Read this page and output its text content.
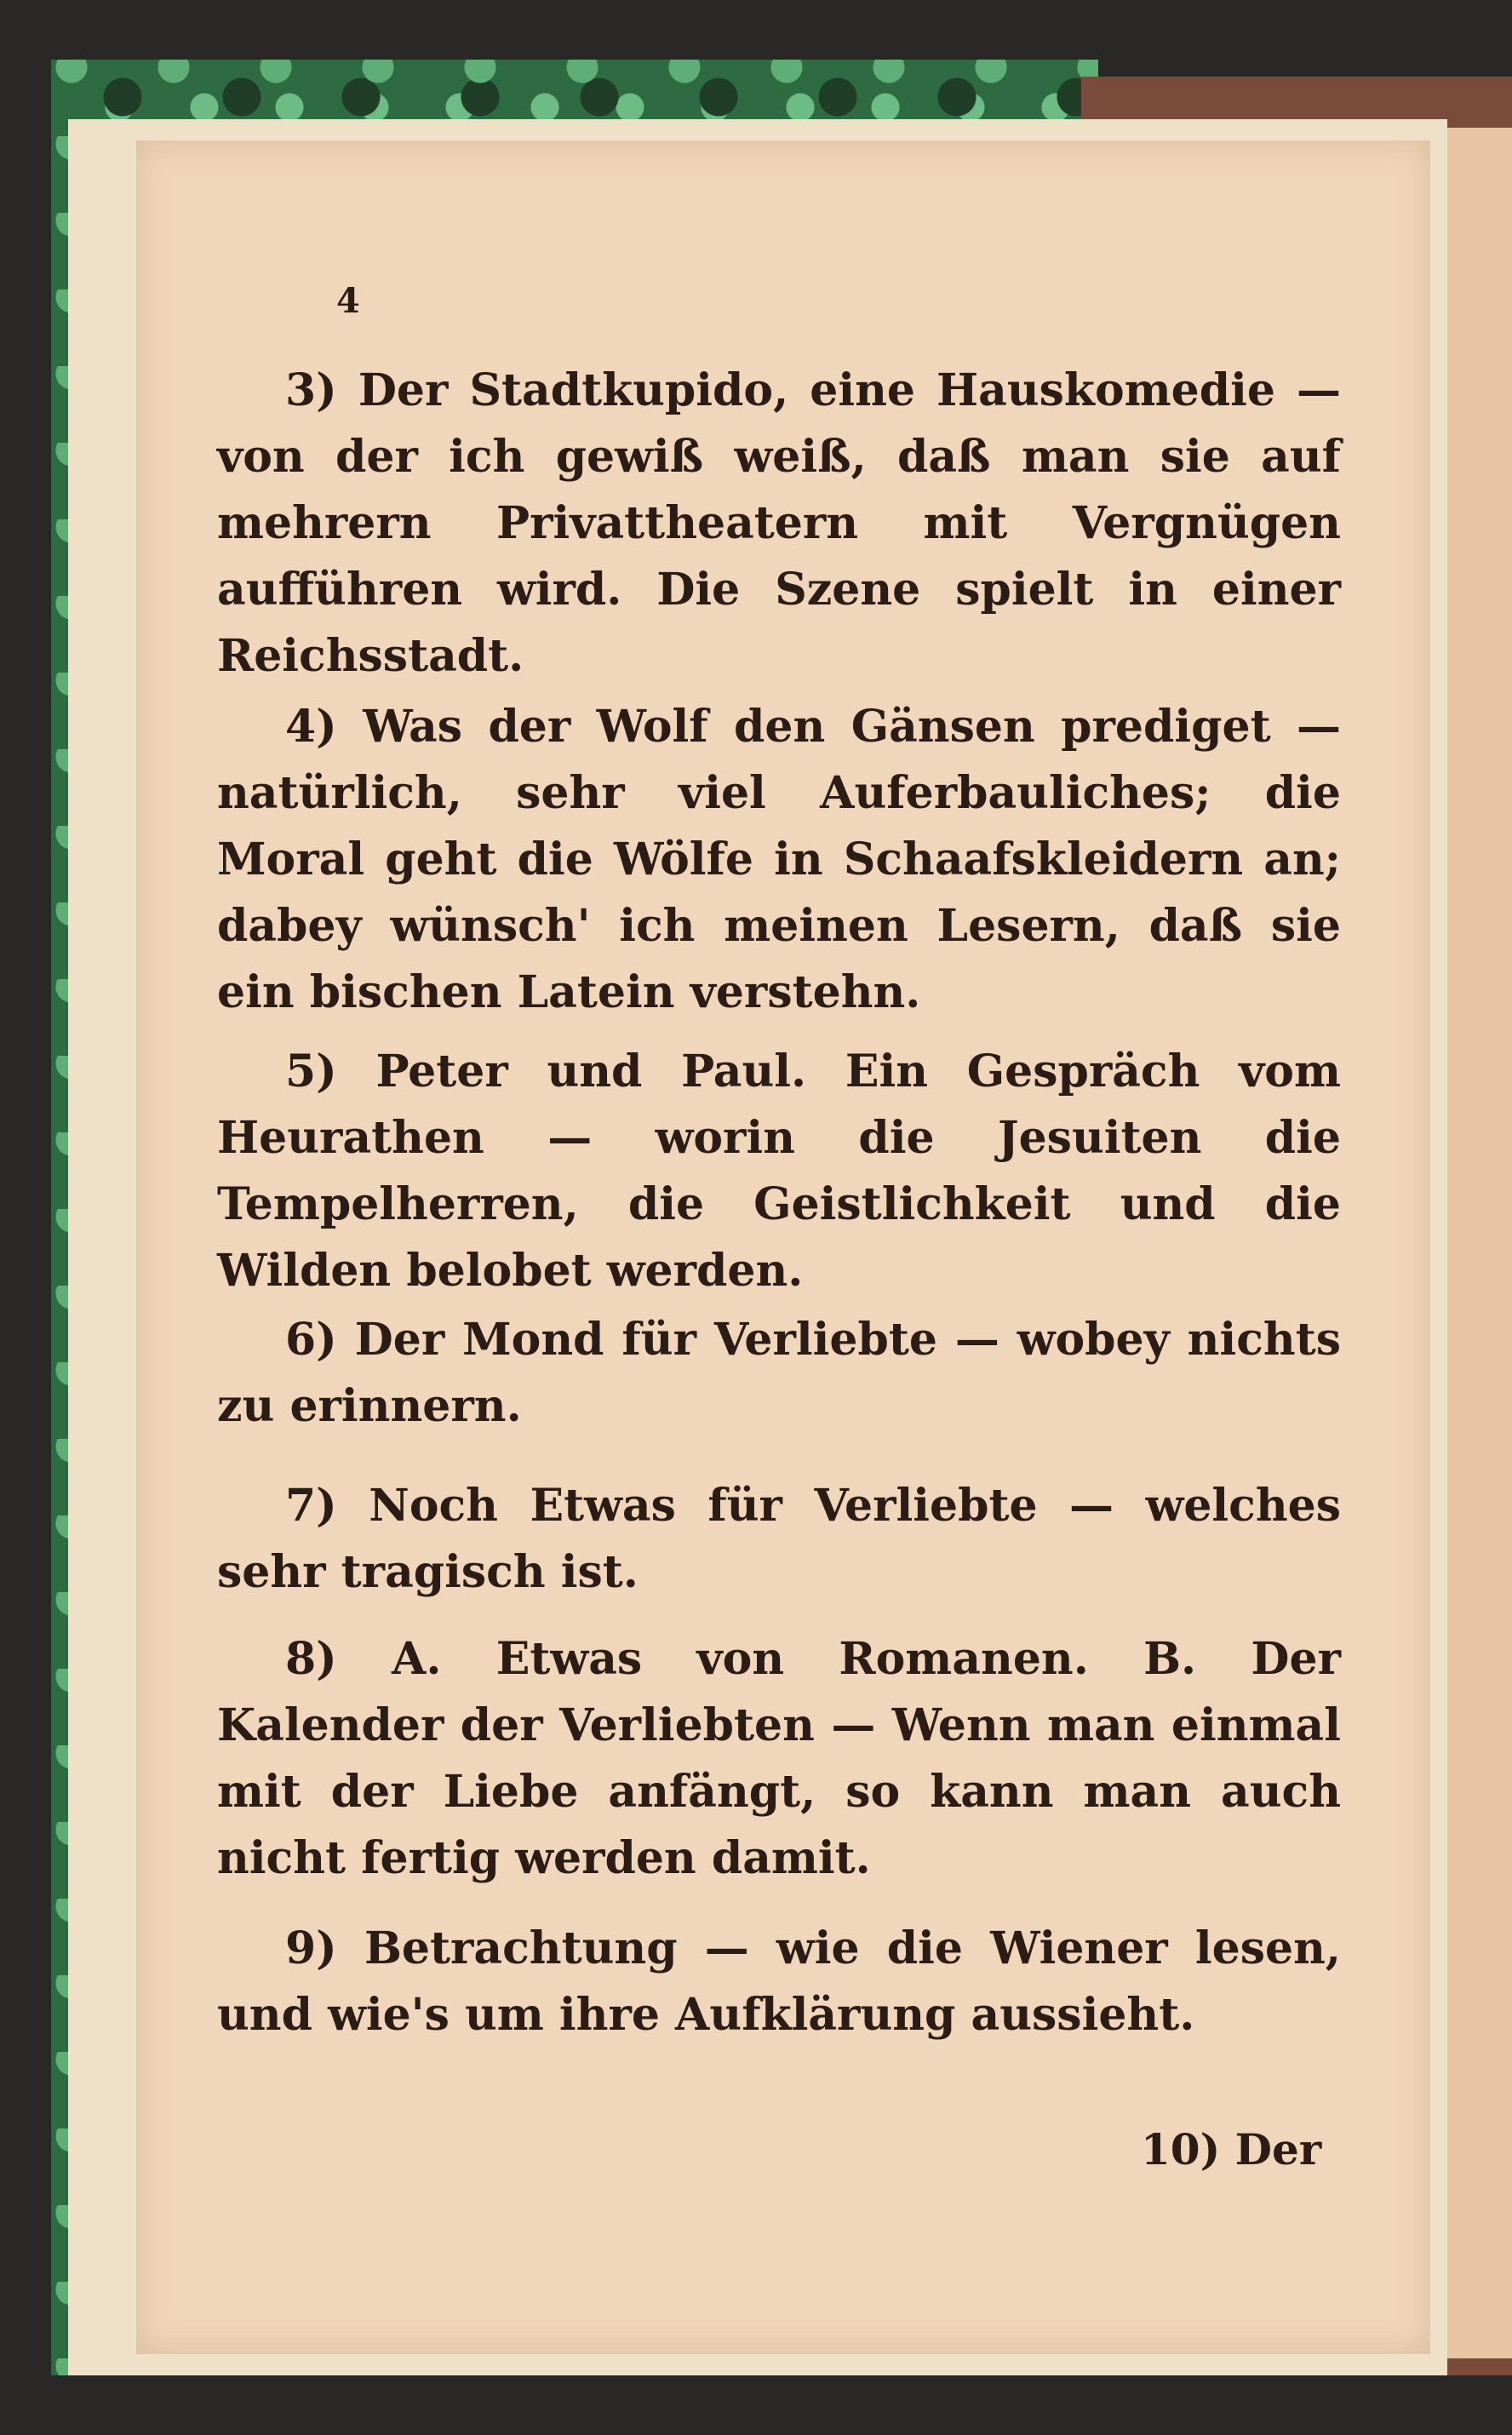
4

3) Der Stadtkupido, eine Hauskomedie — von der ich gewiß weiß, daß man sie auf mehrern Privattheatern mit Vergnügen aufführen wird. Die Szene spielt in einer Reichsstadt.

4) Was der Wolf den Gänsen prediget — natürlich, sehr viel Auferbauliches; die Moral geht die Wölfe in Schaafskleidern an; dabey wünsch' ich meinen Lesern, daß sie ein bischen Latein verstehn.

5) Peter und Paul. Ein Gespräch vom Heurathen — worin die Jesuiten die Tempelherren, die Geistlichkeit und die Wilden belobet werden.

6) Der Mond für Verliebte — wobey nichts zu erinnern.

7) Noch Etwas für Verliebte — welches sehr tragisch ist.

8) A. Etwas von Romanen. B. Der Kalender der Verliebten — Wenn man einmal mit der Liebe anfängt, so kann man auch nicht fertig werden damit.

9) Betrachtung — wie die Wiener lesen, und wie's um ihre Aufklärung aussieht.

10) Der
